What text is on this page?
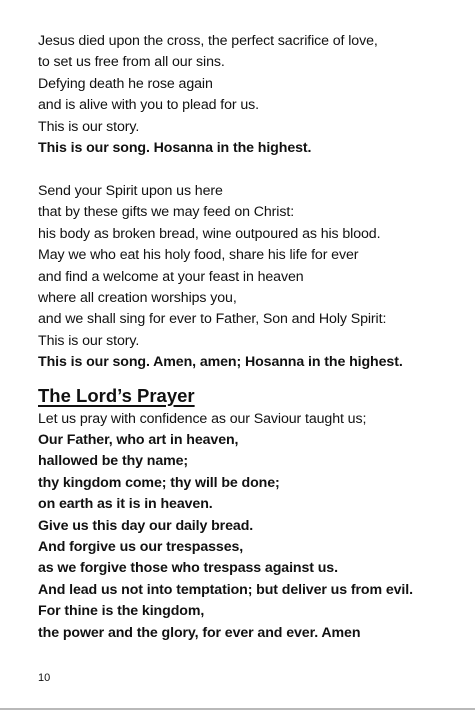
Jesus died upon the cross, the perfect sacrifice of love,
to set us free from all our sins.
Defying death he rose again
and is alive with you to plead for us.
This is our story.
This is our song. Hosanna in the highest.
Send your Spirit upon us here
that by these gifts we may feed on Christ:
his body as broken bread, wine outpoured as his blood.
May we who eat his holy food, share his life for ever
and find a welcome at your feast in heaven
where all creation worships you,
and we shall sing for ever to Father, Son and Holy Spirit:
This is our story.
This is our song. Amen, amen; Hosanna in the highest.
The Lord’s Prayer
Let us pray with confidence as our Saviour taught us;
Our Father, who art in heaven,
hallowed be thy name;
thy kingdom come; thy will be done;
on earth as it is in heaven.
Give us this day our daily bread.
And forgive us our trespasses,
as we forgive those who trespass against us.
And lead us not into temptation; but deliver us from evil.
For thine is the kingdom,
the power and the glory, for ever and ever. Amen
10
